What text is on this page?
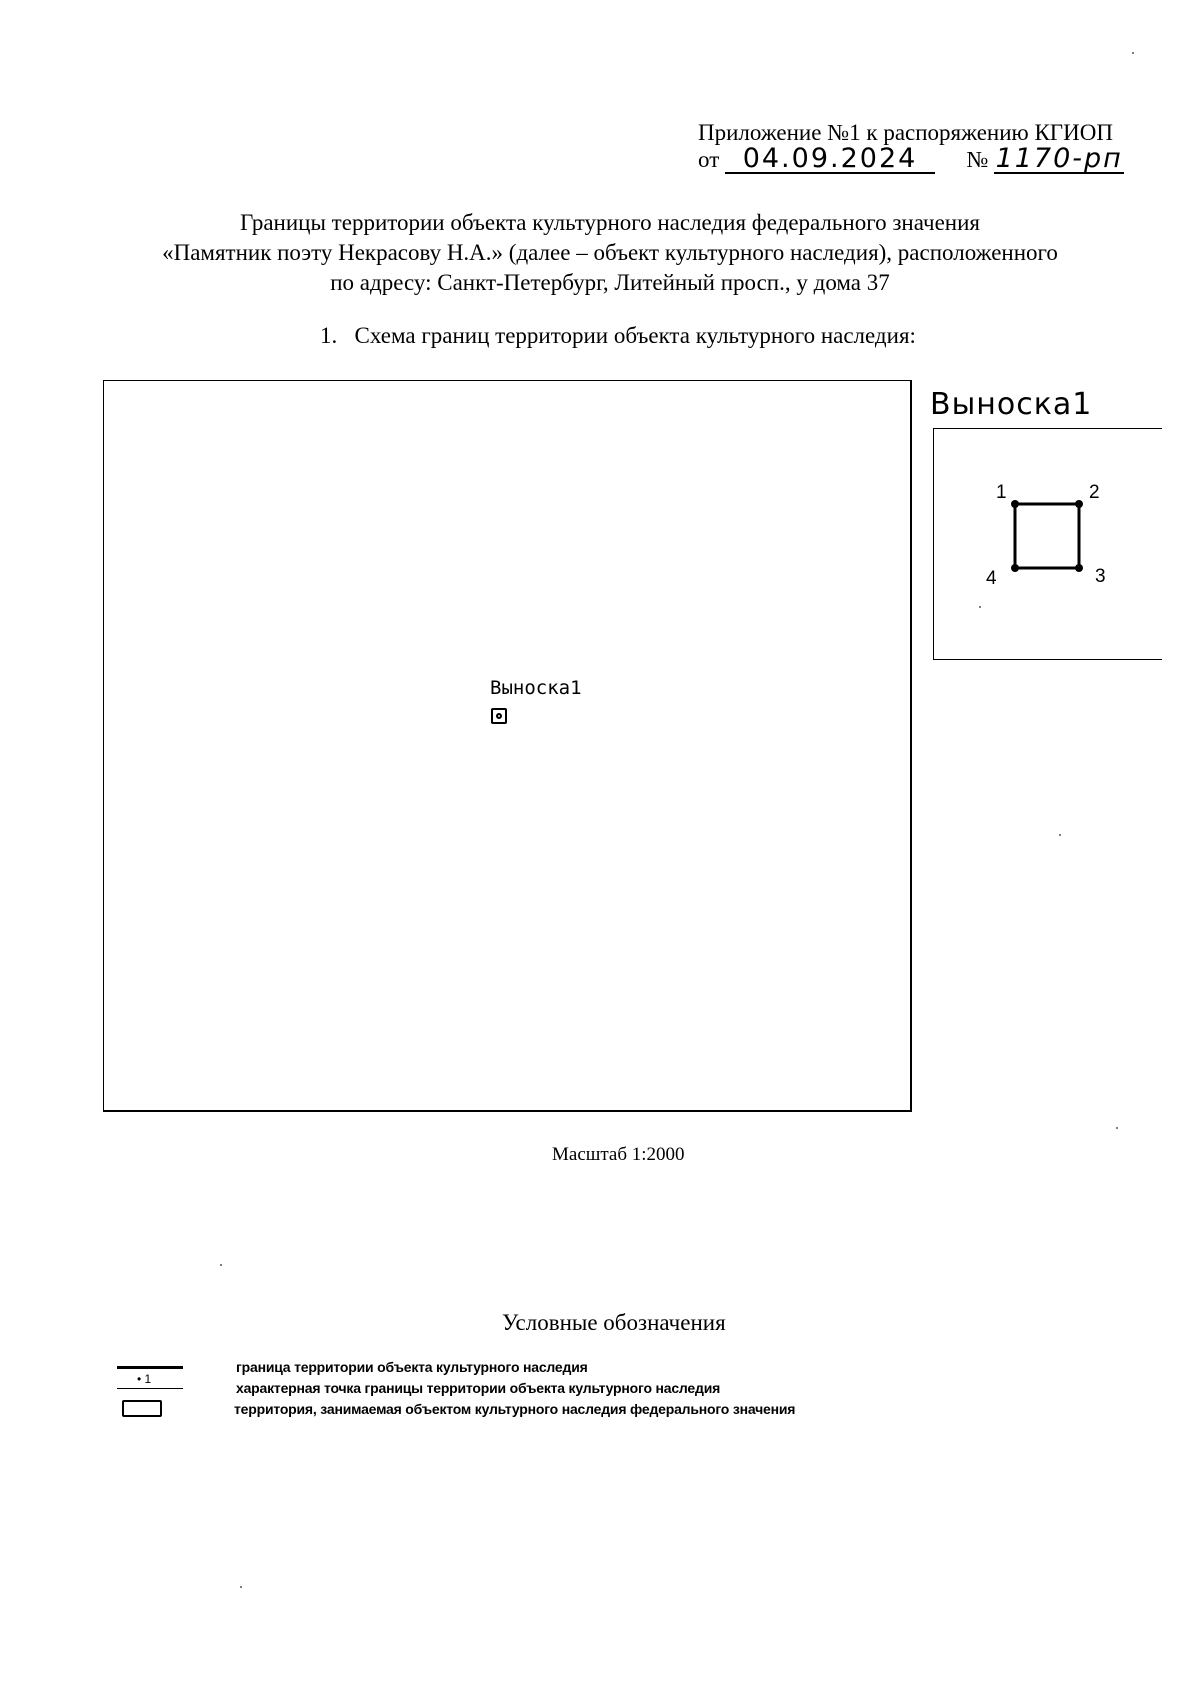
Приложение №1 к распоряжению КГИОП
от 04.09.2024 № 1170-рп
Границы территории объекта культурного наследия федерального значения
«Памятник поэту Некрасову Н.А.» (далее – объект культурного наследия), расположенного
по адресу: Санкт-Петербург, Литейный просп., у дома 37
1. Схема границ территории объекта культурного наследия:
Выноска1
Выноска1
1	2
3
4
Масштаб 1:2000
Условные обозначения
• 1
граница территории объекта культурного наследия
характерная точка границы территории объекта культурного наследия
территория, занимаемая объектом культурного наследия федерального значения
